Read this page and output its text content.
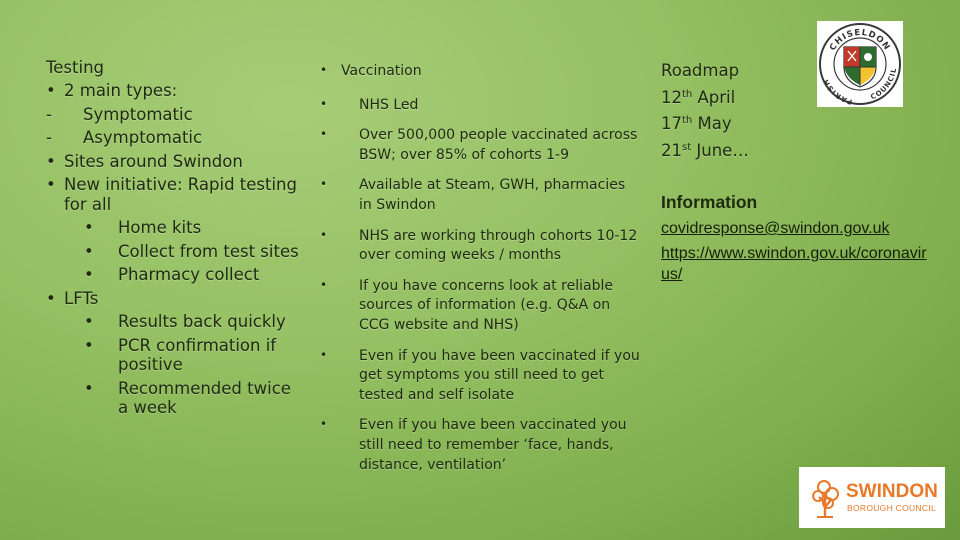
Testing
• 2 main types:
-	Symptomatic
-	Asymptomatic
• Sites around Swindon
• New initiative: Rapid testing for all
•	Home kits
•	Collect from test sites
•	Pharmacy collect
• LFTs
•	Results back quickly
•	PCR confirmation if positive
•	Recommended twice a week
• Vaccination
•	NHS Led
•	Over 500,000 people vaccinated across BSW; over 85% of cohorts 1-9
•	Available at Steam, GWH, pharmacies in Swindon
•	NHS are working through cohorts 10-12 over coming weeks / months
•	If you have concerns look at reliable sources of information (e.g. Q&A on CCG website and NHS)
•	Even if you have been vaccinated if you get symptoms you still need to get tested and self isolate
•	Even if you have been vaccinated you still need to remember ‘face, hands, distance, ventilation’
Roadmap
12th April
17th May
21st June…
Information
covidresponse@swindon.gov.uk
https://www.swindon.gov.uk/coronavirus/
CHISELDON
PARISH
COUNCIL
SWINDON
BOROUGH COUNCIL
